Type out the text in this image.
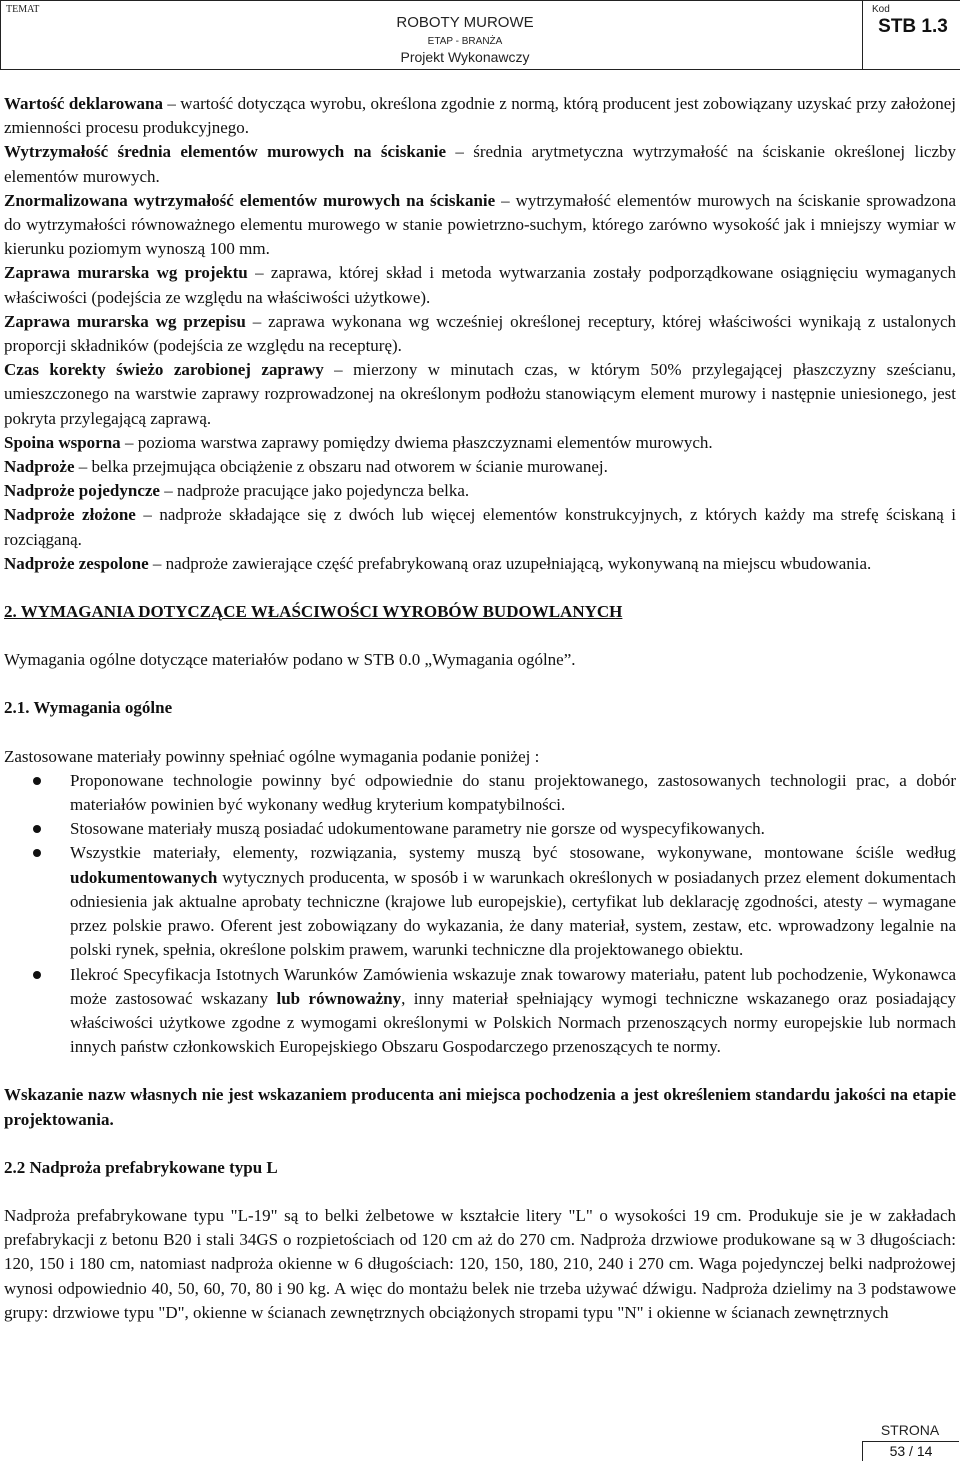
TEMAT
ROBOTY MUROWE
ETAP - BRANŻA
Projekt Wykonawczy
Kod
STB 1.3

Wartość deklarowana – wartość dotycząca wyrobu, określona zgodnie z normą, którą producent jest zobowiązany uzyskać przy założonej zmienności procesu produkcyjnego.

Wytrzymałość średnia elementów murowych na ściskanie – średnia arytmetyczna wytrzymałość na ściskanie określonej liczby elementów murowych.

Znormalizowana wytrzymałość elementów murowych na ściskanie – wytrzymałość elementów murowych na ściskanie sprowadzona do wytrzymałości równoważnego elementu murowego w stanie powietrzno-suchym, którego zarówno wysokość jak i mniejszy wymiar w kierunku poziomym wynoszą 100 mm.

Zaprawa murarska wg projektu – zaprawa, której skład i metoda wytwarzania zostały podporządkowane osiągnięciu wymaganych właściwości (podejścia ze względu na właściwości użytkowe).

Zaprawa murarska wg przepisu – zaprawa wykonana wg wcześniej określonej receptury, której właściwości wynikają z ustalonych proporcji składników (podejścia ze względu na recepturę).

Czas korekty świeżo zarobionej zaprawy – mierzony w minutach czas, w którym 50% przylegającej płaszczyzny sześcianu, umieszczonego na warstwie zaprawy rozprowadzonej na określonym podłożu stanowiącym element murowy i następnie uniesionego, jest pokryta przylegającą zaprawą.

Spoina wsporna – pozioma warstwa zaprawy pomiędzy dwiema płaszczyznami elementów murowych.

Nadproże – belka przejmująca obciążenie z obszaru nad otworem w ścianie murowanej.

Nadproże pojedyncze – nadproże pracujące jako pojedyncza belka.

Nadproże złożone – nadproże składające się z dwóch lub więcej elementów konstrukcyjnych, z których każdy ma strefę ściskaną i rozciąganą.

Nadproże zespolone – nadproże zawierające część prefabrykowaną oraz uzupełniającą, wykonywaną na miejscu wbudowania.

2. WYMAGANIA DOTYCZĄCE WŁAŚCIWOŚCI WYROBÓW BUDOWLANYCH

Wymagania ogólne dotyczące materiałów podano w STB 0.0 „Wymagania ogólne”.

2.1. Wymagania ogólne

Zastosowane materiały powinny spełniać ogólne wymagania podanie poniżej :

Proponowane technologie powinny być odpowiednie do stanu projektowanego, zastosowanych technologii prac, a dobór materiałów powinien być wykonany według kryterium kompatybilności.
Stosowane materiały muszą posiadać udokumentowane parametry nie gorsze od wyspecyfikowanych.
Wszystkie materiały, elementy, rozwiązania, systemy muszą być stosowane, wykonywane, montowane ściśle według udokumentowanych wytycznych producenta, w sposób i w warunkach określonych w posiadanych przez element dokumentach odniesienia jak aktualne aprobaty techniczne (krajowe lub europejskie), certyfikat lub deklarację zgodności, atesty – wymagane przez polskie prawo. Oferent jest zobowiązany do wykazania, że dany materiał, system, zestaw, etc. wprowadzony legalnie na polski rynek, spełnia, określone polskim prawem, warunki techniczne dla projektowanego obiektu.
Ilekroć Specyfikacja Istotnych Warunków Zamówienia wskazuje znak towarowy materiału, patent lub pochodzenie, Wykonawca może zastosować wskazany lub równoważny, inny materiał spełniający wymogi techniczne wskazanego oraz posiadający właściwości użytkowe zgodne z wymogami określonymi w Polskich Normach przenoszących normy europejskie lub normach innych państw członkowskich Europejskiego Obszaru Gospodarczego przenoszących te normy.

Wskazanie nazw własnych nie jest wskazaniem producenta ani miejsca pochodzenia a jest określeniem standardu jakości na etapie projektowania.

2.2 Nadproża prefabrykowane typu L

Nadproża prefabrykowane typu "L-19" są to belki żelbetowe w kształcie litery "L" o wysokości 19 cm. Produkuje sie je w zakładach prefabrykacji z betonu B20 i stali 34GS o rozpietościach od 120 cm aż do 270 cm. Nadproża drzwiowe produkowane są w 3 długościach: 120, 150 i 180 cm, natomiast nadproża okienne w 6 długościach: 120, 150, 180, 210, 240 i 270 cm. Waga pojedynczej belki nadprożowej wynosi odpowiednio 40, 50, 60, 70, 80 i 90 kg. A więc do montażu belek nie trzeba używać dźwigu. Nadproża dzielimy na 3 podstawowe grupy: drzwiowe typu "D", okienne w ścianach zewnętrznych obciążonych stropami typu "N" i okienne w ścianach zewnętrznych

STRONA
53 / 14
